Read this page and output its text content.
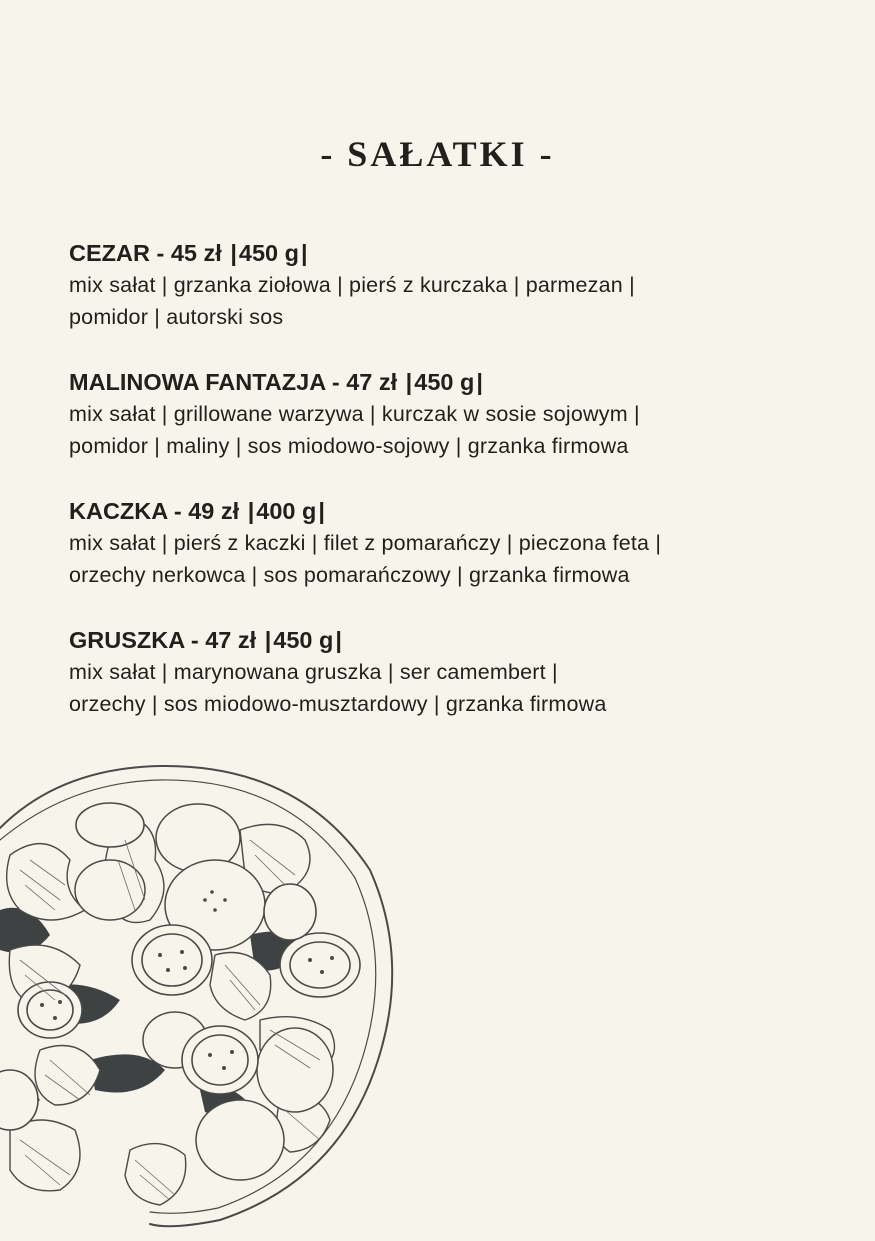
- SAŁATKI -
CEZAR - 45 zł |450 g|
mix sałat | grzanka ziołowa | pierś z kurczaka | parmezan |
pomidor | autorski sos
MALINOWA FANTAZJA - 47 zł |450 g|
mix sałat | grillowane warzywa | kurczak w sosie sojowym |
pomidor | maliny | sos miodowo-sojowy | grzanka firmowa
KACZKA - 49 zł |400 g|
mix sałat | pierś z kaczki | filet z pomarańczy | pieczona feta |
orzechy nerkowca | sos pomarańczowy | grzanka firmowa
GRUSZKA - 47 zł |450 g|
mix sałat | marynowana gruszka | ser camembert |
orzechy | sos miodowo-musztardowy | grzanka firmowa
